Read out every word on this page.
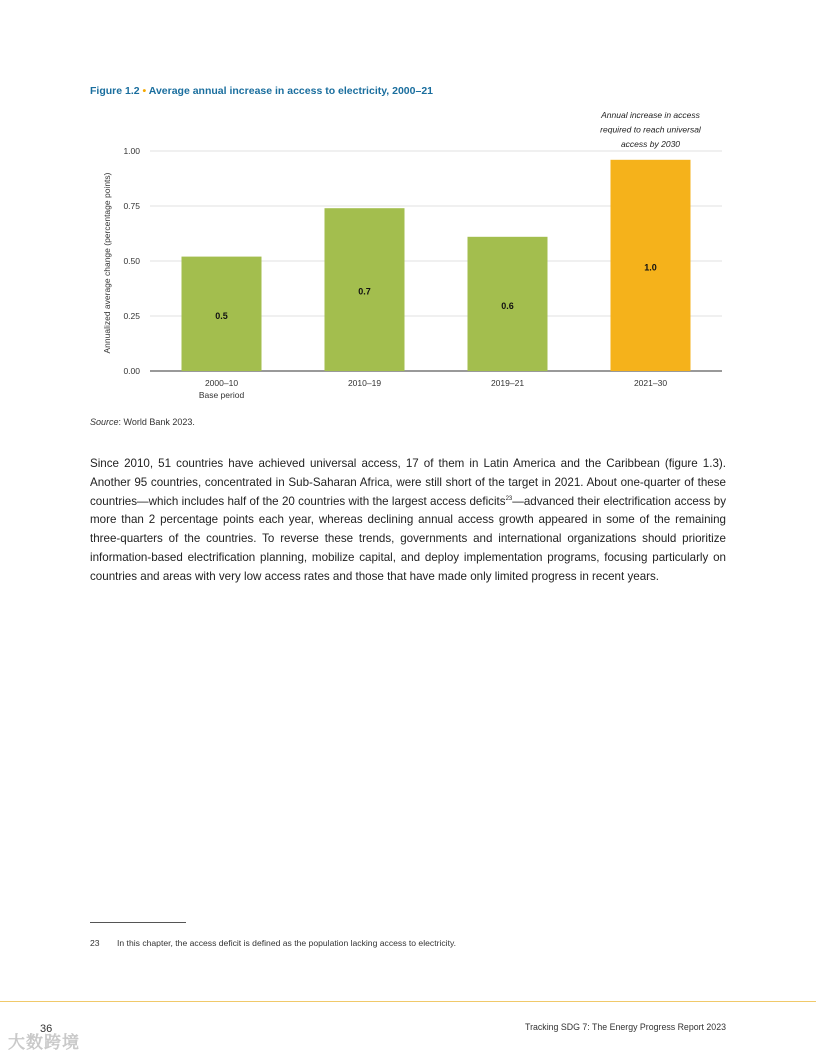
Figure 1.2 • Average annual increase in access to electricity, 2000–21
0.00
0.25
0.50
0.75
1.00
Annualized average change (percentage points)	0.5
2000–10
Base period
0.7
2010–19
0.6
2019–21
1.0
2021–30
Annual increase in access
required to reach universal
access by 2030
Source: World Bank 2023.

Since 2010, 51 countries have achieved universal access, 17 of them in Latin America and the Caribbean (figure 1.3). Another 95 countries, concentrated in Sub-Saharan Africa, were still short of the target in 2021. About one-quarter of these countries—which includes half of the 20 countries with the largest access deficits$^{23}$—advanced their electrification access by more than 2 percentage points each year, whereas declining annual access growth appeared in some of the remaining three-quarters of the countries. To reverse these trends, governments and international organizations should prioritize information-based electrification planning, mobilize capital, and deploy implementation programs, focusing particularly on countries and areas with very low access rates and those that have made only limited progress in recent years.

23 In this chapter, the access deficit is defined as the population lacking access to electricity.
大数跨境
36	Tracking SDG 7: The Energy Progress Report 2023
